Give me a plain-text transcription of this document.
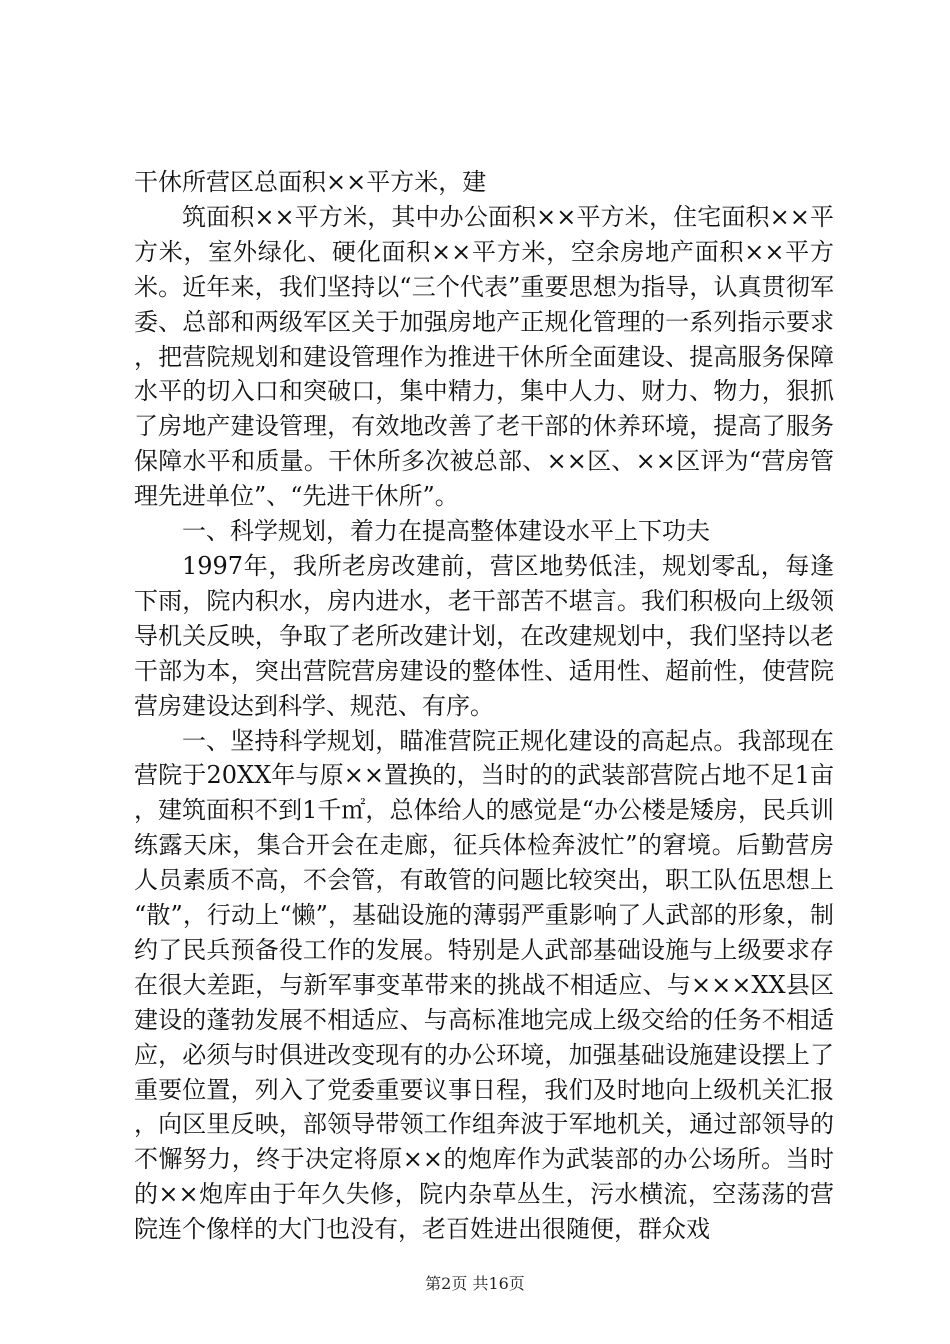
干休所营区总面积××平方米，建

筑面积××平方米，其中办公面积××平方米，住宅面积××平方米，室外绿化、硬化面积××平方米，空余房地产面积××平方米。近年来，我们坚持以“三个代表”重要思想为指导，认真贯彻军委、总部和两级军区关于加强房地产正规化管理的一系列指示要求，把营院规划和建设管理作为推进干休所全面建设、提高服务保障水平的切入口和突破口，集中精力，集中人力、财力、物力，狠抓了房地产建设管理，有效地改善了老干部的休养环境，提高了服务保障水平和质量。干休所多次被总部、××区、××区评为“营房管理先进单位”、“先进干休所”。

一、科学规划，着力在提高整体建设水平上下功夫

1997年，我所老房改建前，营区地势低洼，规划零乱，每逢下雨，院内积水，房内进水，老干部苦不堪言。我们积极向上级领导机关反映，争取了老所改建计划，在改建规划中，我们坚持以老干部为本，突出营院营房建设的整体性、适用性、超前性，使营院营房建设达到科学、规范、有序。

一、坚持科学规划，瞄准营院正规化建设的高起点。我部现在营院于20XX年与原××置换的，当时的的武装部营院占地不足1亩，建筑面积不到1千㎡，总体给人的感觉是“办公楼是矮房，民兵训练露天床，集合开会在走廊，征兵体检奔波忙”的窘境。后勤营房人员素质不高，不会管，有敢管的问题比较突出，职工队伍思想上“散”，行动上“懒”，基础设施的薄弱严重影响了人武部的形象，制约了民兵预备役工作的发展。特别是人武部基础设施与上级要求存在很大差距，与新军事变革带来的挑战不相适应、与×××XX县区建设的蓬勃发展不相适应、与高标准地完成上级交给的任务不相适应，必须与时俱进改变现有的办公环境，加强基础设施建设摆上了重要位置，列入了党委重要议事日程，我们及时地向上级机关汇报，向区里反映，部领导带领工作组奔波于军地机关，通过部领导的不懈努力，终于决定将原××的炮库作为武装部的办公场所。当时的××炮库由于年久失修，院内杂草丛生，污水横流，空荡荡的营院连个像样的大门也没有，老百姓进出很随便，群众戏

第2页 共16页
